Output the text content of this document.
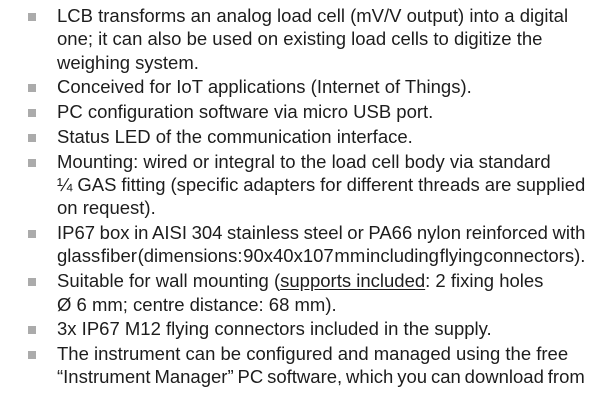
LCB transforms an analog load cell (mV/V output) into a digital
one; it can also be used on existing load cells to digitize the
weighing system.
Conceived for IoT applications (Internet of Things).
PC configuration software via micro USB port.
Status LED of the communication interface.
Mounting: wired or integral to the load cell body via standard
¼ GAS fitting (specific adapters for different threads are supplied
on request).
IP67 box in AISI 304 stainless steel or PA66 nylon reinforced with
glass fiber (dimensions: 90x40x107 mm including flying connectors).
Suitable for wall mounting (supports included: 2 fixing holes
Ø 6 mm; centre distance: 68 mm).
3x IP67 M12 flying connectors included in the supply.
The instrument can be configured and managed using the free
“Instrument Manager” PC software, which you can download from
